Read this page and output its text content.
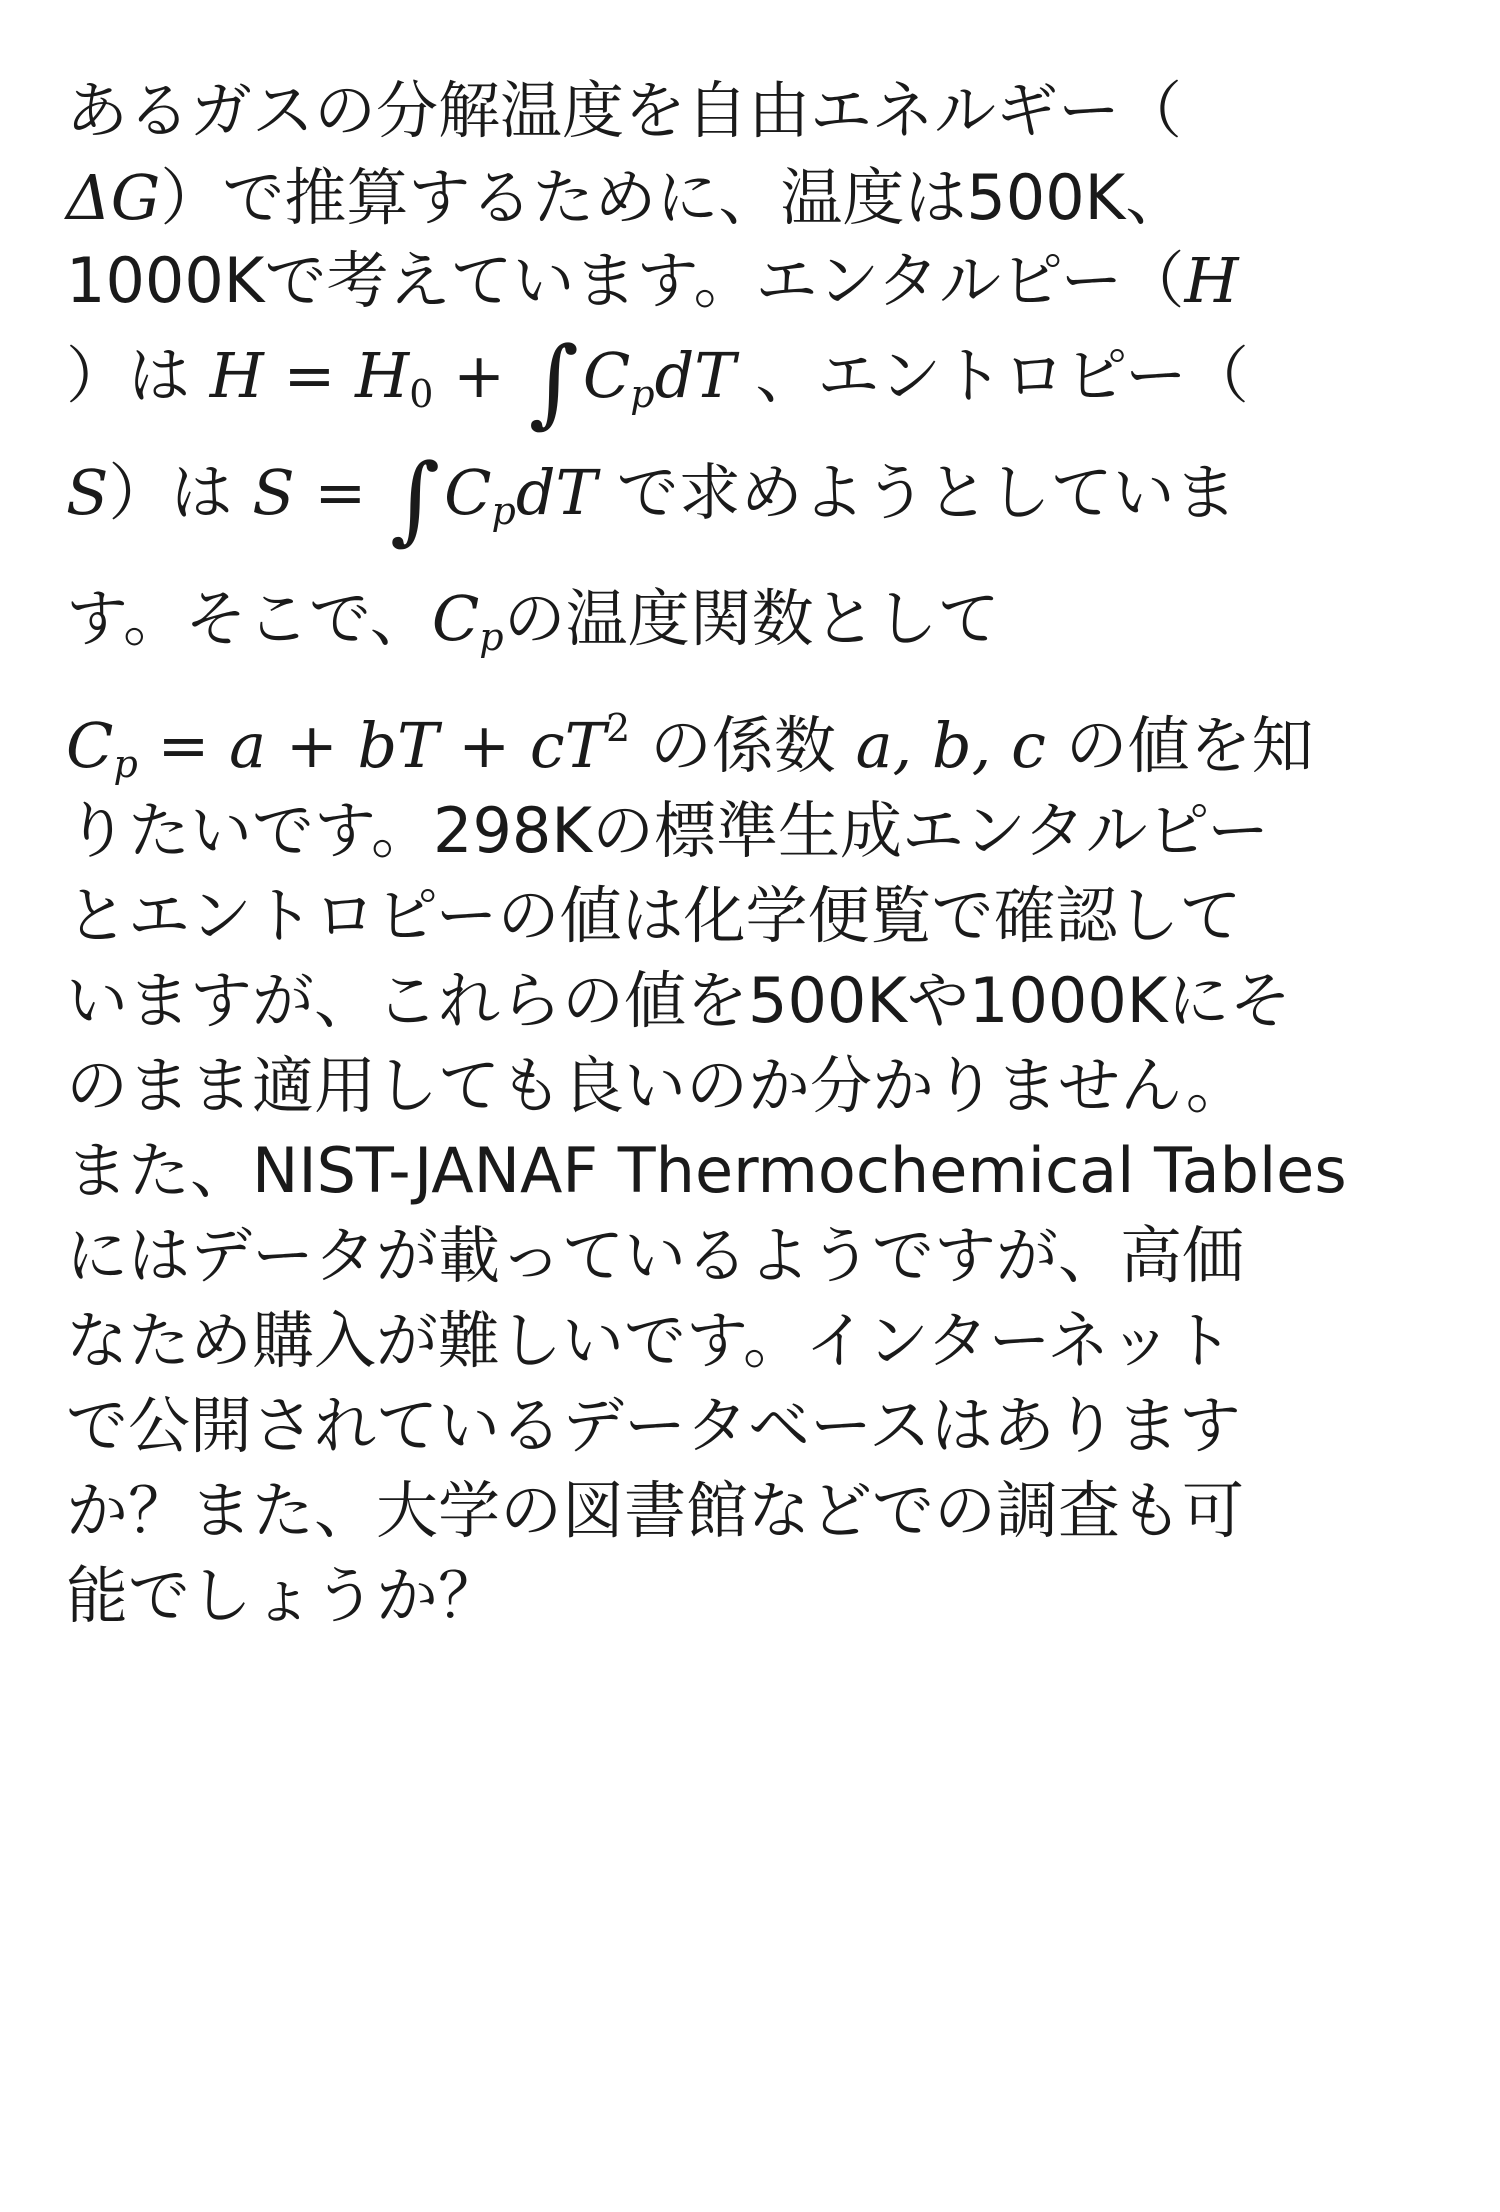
あるガスの分解温度を自由エネルギー（
ΔG）で推算するために、温度は500K、
1000Kで考えています。エンタルピー（H
）は $H = H_0 + \int C_pdT$ 、エントロピー（
S）は $S = \int C_pdT$ で求めようとしていま
す。そこで、$C_p$の温度関数として
$C_p = a$ + bT + $cT^2$ の係数 a, b, c の値を知
りたいです。298Kの標準生成エンタルピー
とエントロピーの値は化学便覧で確認して
いますが、これらの値を500Kや1000Kにそ
のまま適用しても良いのか分かりません。
また、NIST-JANAF Thermochemical Tables
にはデータが載っているようですが、高価
なため購入が難しいです。インターネット
で公開されているデータベースはあります
か？また、大学の図書館などでの調査も可
能でしょうか？
